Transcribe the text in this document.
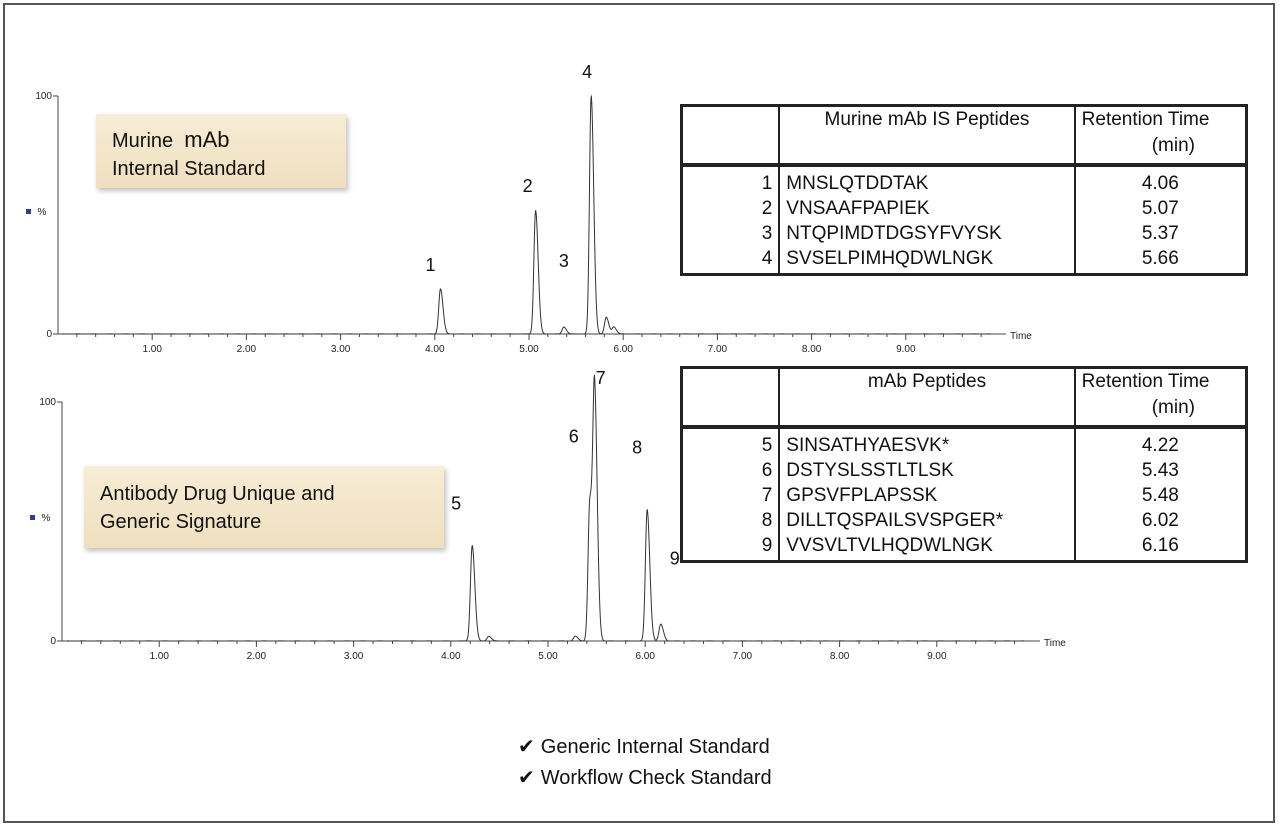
1.00	2.00	3.00	4.00	5.00	6.00	7.00	8.00	9.00
0
100
%
Time
1
2
3
4
1.00	2.00	3.00	4.00	5.00	6.00	7.00	8.00	9.00
0
100
%
Time
5
6
7
8
9
Murine mAb
Internal Standard
Antibody Drug Unique and
Generic Signature
	Murine mAb IS Peptides	Retention Time
(min)

1	MNSLQTDDTAK	4.06
2	VNSAAFPAPIEK	5.07
3	NTQPIMDTDGSYFVYSK	5.37
4	SVSELPIMHQDWLNGK	5.66
	mAb Peptides	Retention Time
(min)

5	SINSATHYAESVK*	4.22
6	DSTYSLSSTLTLSK	5.43
7	GPSVFPLAPSSK	5.48
8	DILLTQSPAILSVSPGER*	6.02
9	VVSVLTVLHQDWLNGK	6.16
✔ Generic Internal Standard
✔ Workflow Check Standard
